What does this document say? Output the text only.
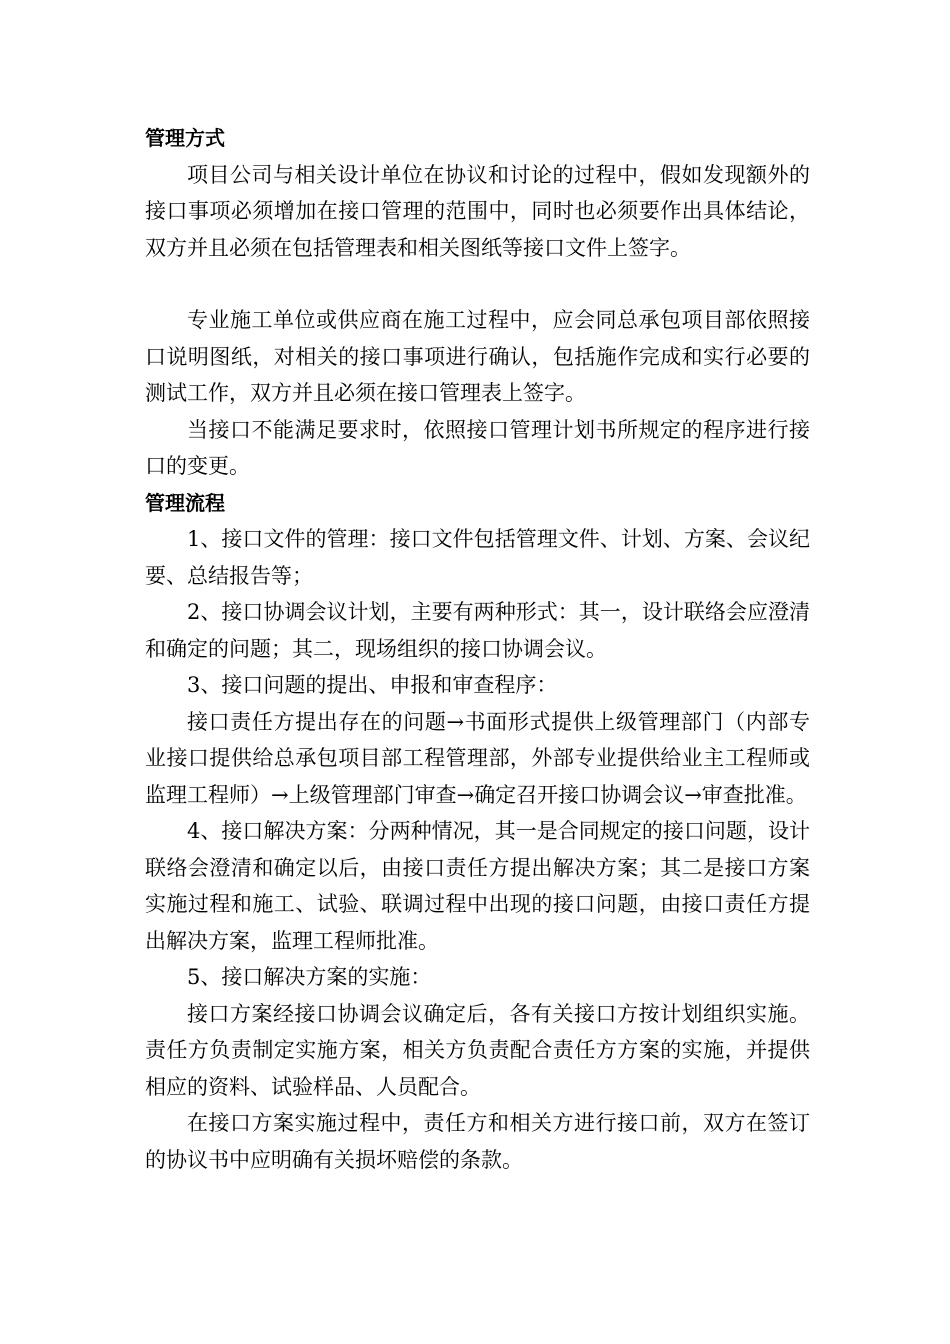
管理方式

项目公司与相关设计单位在协议和讨论的过程中，假如发现额外的接口事项必须增加在接口管理的范围中，同时也必须要作出具体结论，双方并且必须在包括管理表和相关图纸等接口文件上签字。

专业施工单位或供应商在施工过程中，应会同总承包项目部依照接口说明图纸，对相关的接口事项进行确认，包括施作完成和实行必要的测试工作，双方并且必须在接口管理表上签字。

当接口不能满足要求时，依照接口管理计划书所规定的程序进行接口的变更。

管理流程

1、接口文件的管理：接口文件包括管理文件、计划、方案、会议纪要、总结报告等；

2、接口协调会议计划，主要有两种形式：其一，设计联络会应澄清和确定的问题；其二，现场组织的接口协调会议。

3、接口问题的提出、申报和审查程序：

接口责任方提出存在的问题→书面形式提供上级管理部门（内部专业接口提供给总承包项目部工程管理部，外部专业提供给业主工程师或监理工程师）→上级管理部门审查→确定召开接口协调会议→审查批准。

4、接口解决方案：分两种情况，其一是合同规定的接口问题，设计联络会澄清和确定以后，由接口责任方提出解决方案；其二是接口方案实施过程和施工、试验、联调过程中出现的接口问题，由接口责任方提出解决方案，监理工程师批准。

5、接口解决方案的实施：

接口方案经接口协调会议确定后，各有关接口方按计划组织实施。责任方负责制定实施方案，相关方负责配合责任方方案的实施，并提供相应的资料、试验样品、人员配合。

在接口方案实施过程中，责任方和相关方进行接口前，双方在签订的协议书中应明确有关损坏赔偿的条款。
